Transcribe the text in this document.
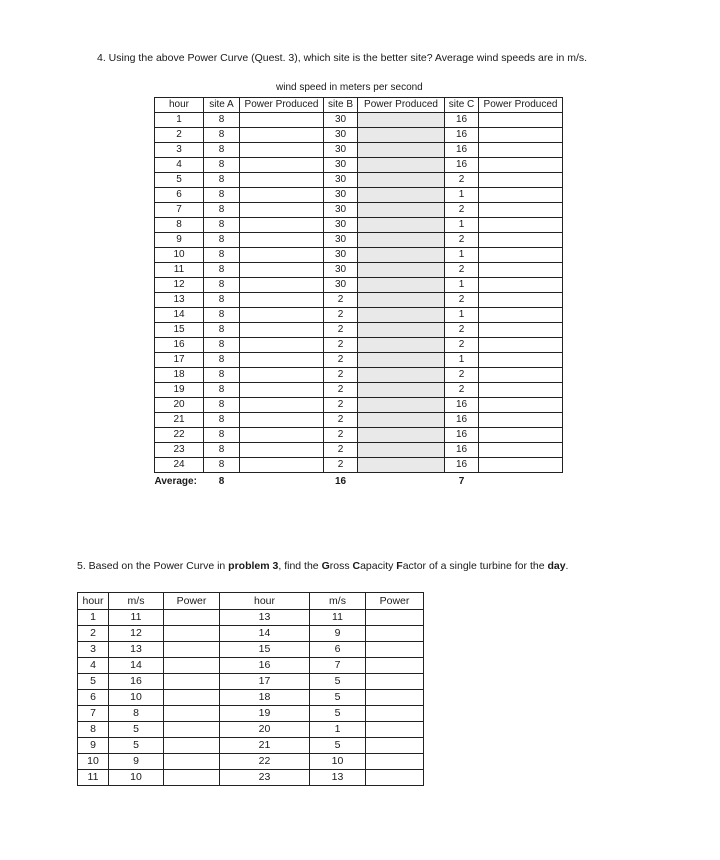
4. Using the above Power Curve (Quest. 3), which site is the better site? Average wind speeds are in m/s.
wind speed in meters per second
hour	site A	Power Produced	site B	Power Produced	site C	Power Produced
1	8		30		16	
2	8		30		16	
3	8		30		16	
4	8		30		16	
5	8		30		2	
6	8		30		1	
7	8		30		2	
8	8		30		1	
9	8		30		2	
10	8		30		1	
11	8		30		2	
12	8		30		1	
13	8		2		2	
14	8		2		1	
15	8		2		2	
16	8		2		2	
17	8		2		1	
18	8		2		2	
19	8		2		2	
20	8		2		16	
21	8		2		16	
22	8		2		16	
23	8		2		16	
24	8		2		16	
Average:	8		16		7	
5. Based on the Power Curve in problem 3, find the Gross Capacity Factor of a single turbine for the day.
hour	m/s	Power	hour	m/s	Power
1	11		13	11	
2	12		14	9	
3	13		15	6	
4	14		16	7	
5	16		17	5	
6	10		18	5	
7	8		19	5	
8	5		20	1	
9	5		21	5	
10	9		22	10	
11	10		23	13	
